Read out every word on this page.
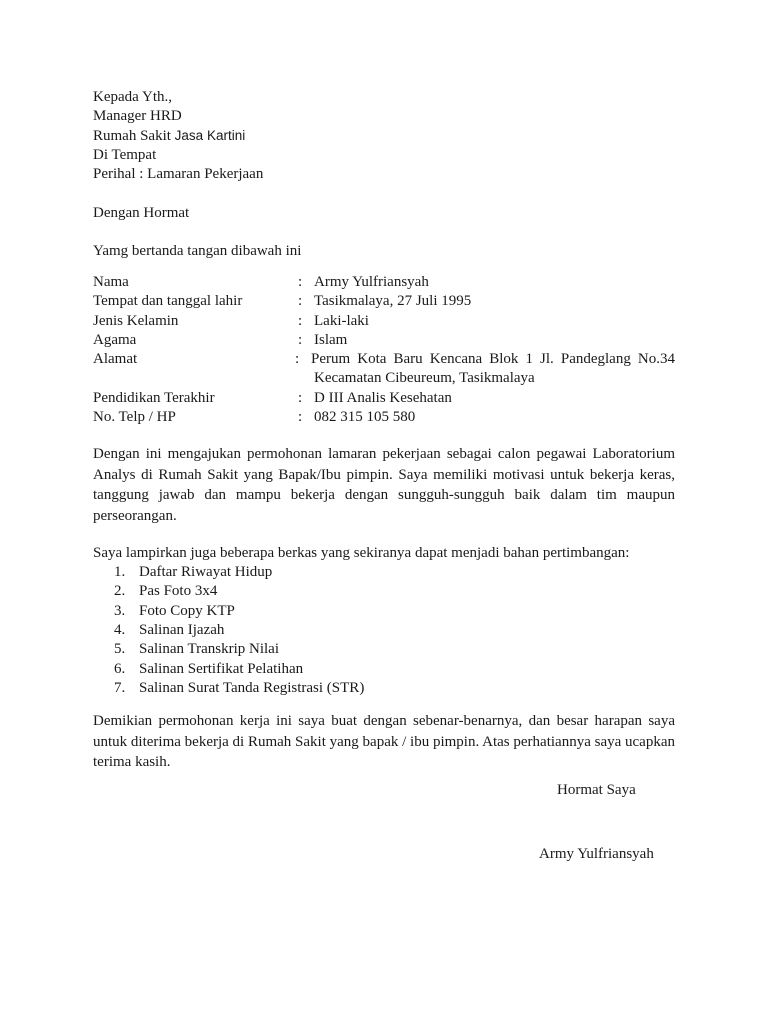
Kepada Yth.,
Manager HRD
Rumah Sakit Jasa Kartini
Di Tempat
Perihal : Lamaran Pekerjaan
Dengan Hormat
Yamg bertanda tangan dibawah ini
Nama	: Army Yulfriansyah
Tempat dan tanggal lahir	: Tasikmalaya, 27 Juli 1995
Jenis Kelamin	: Laki-laki
Agama	: Islam
Alamat	: Perum Kota Baru Kencana Blok 1 Jl. Pandeglang No.34
Kecamatan Cibeureum, Tasikmalaya
Pendidikan Terakhir	: D III Analis Kesehatan
No. Telp / HP	: 082 315 105 580
Dengan ini mengajukan permohonan lamaran pekerjaan sebagai calon pegawai Laboratorium Analys di Rumah Sakit yang Bapak/Ibu pimpin. Saya memiliki motivasi untuk bekerja keras, tanggung jawab dan mampu bekerja dengan sungguh-sungguh baik dalam tim maupun perseorangan.
Saya lampirkan juga beberapa berkas yang sekiranya dapat menjadi bahan pertimbangan:
1. Daftar Riwayat Hidup
2. Pas Foto 3x4
3. Foto Copy KTP
4. Salinan Ijazah
5. Salinan Transkrip Nilai
6. Salinan Sertifikat Pelatihan
7. Salinan Surat Tanda Registrasi (STR)
Demikian permohonan kerja ini saya buat dengan sebenar-benarnya, dan besar harapan saya untuk diterima bekerja di Rumah Sakit yang bapak / ibu pimpin. Atas perhatiannya saya ucapkan terima kasih.
Hormat Saya
Army Yulfriansyah
